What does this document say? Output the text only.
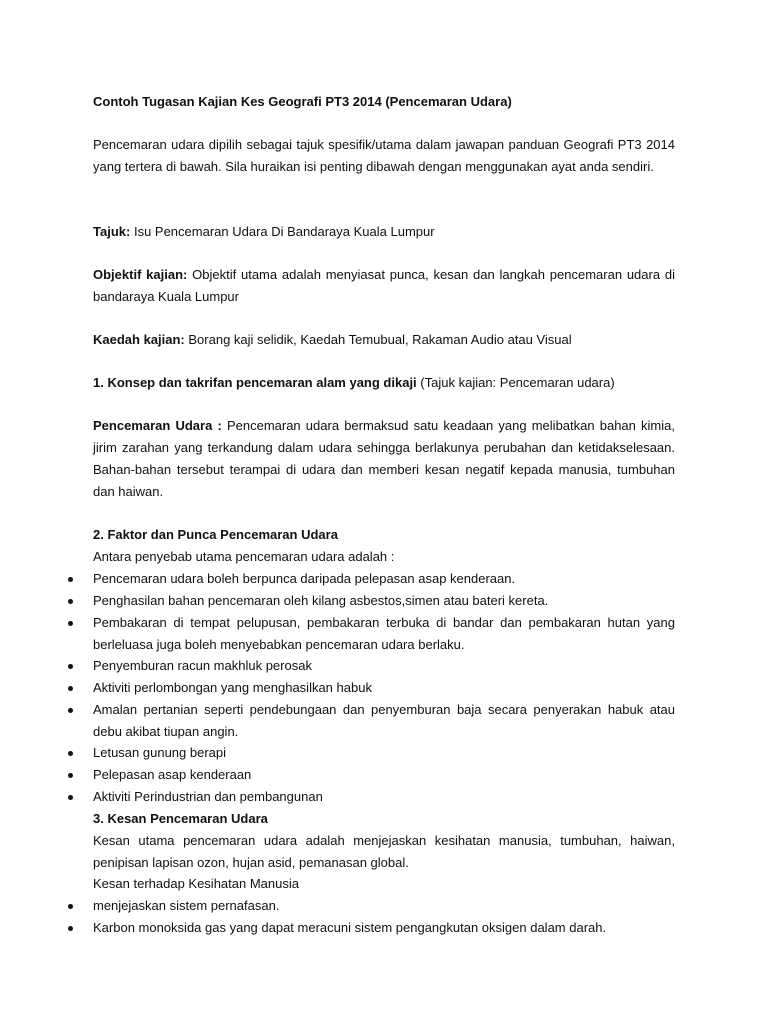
Contoh Tugasan Kajian Kes Geografi PT3 2014 (Pencemaran Udara)

Pencemaran udara dipilih sebagai tajuk spesifik/utama dalam jawapan panduan Geografi PT3 2014 yang tertera di bawah. Sila huraikan isi penting dibawah dengan menggunakan ayat anda sendiri.

Tajuk: Isu Pencemaran Udara Di Bandaraya Kuala Lumpur

Objektif kajian: Objektif utama adalah menyiasat punca, kesan dan langkah pencemaran udara di bandaraya Kuala Lumpur

Kaedah kajian: Borang kaji selidik, Kaedah Temubual, Rakaman Audio atau Visual

1. Konsep dan takrifan pencemaran alam yang dikaji (Tajuk kajian: Pencemaran udara)

Pencemaran Udara : Pencemaran udara bermaksud satu keadaan yang melibatkan bahan kimia, jirim zarahan yang terkandung dalam udara sehingga berlakunya perubahan dan ketidakselesaan. Bahan-bahan tersebut terampai di udara dan memberi kesan negatif kepada manusia, tumbuhan dan haiwan.

2. Faktor dan Punca Pencemaran Udara

Antara penyebab utama pencemaran udara adalah :

Pencemaran udara boleh berpunca daripada pelepasan asap kenderaan.

Penghasilan bahan pencemaran oleh kilang asbestos,simen atau bateri kereta.

Pembakaran di tempat pelupusan, pembakaran terbuka di bandar dan pembakaran hutan yang berleluasa juga boleh menyebabkan pencemaran udara berlaku.

Penyemburan racun makhluk perosak

Aktiviti perlombongan yang menghasilkan habuk

Amalan pertanian seperti pendebungaan dan penyemburan baja secara penyerakan habuk atau debu akibat tiupan angin.

Letusan gunung berapi

Pelepasan asap kenderaan

Aktiviti Perindustrian dan pembangunan

3. Kesan Pencemaran Udara

Kesan utama pencemaran udara adalah menjejaskan kesihatan manusia, tumbuhan, haiwan, penipisan lapisan ozon, hujan asid, pemanasan global.

Kesan terhadap Kesihatan Manusia

menjejaskan sistem pernafasan.

Karbon monoksida gas yang dapat meracuni sistem pengangkutan oksigen dalam darah.
